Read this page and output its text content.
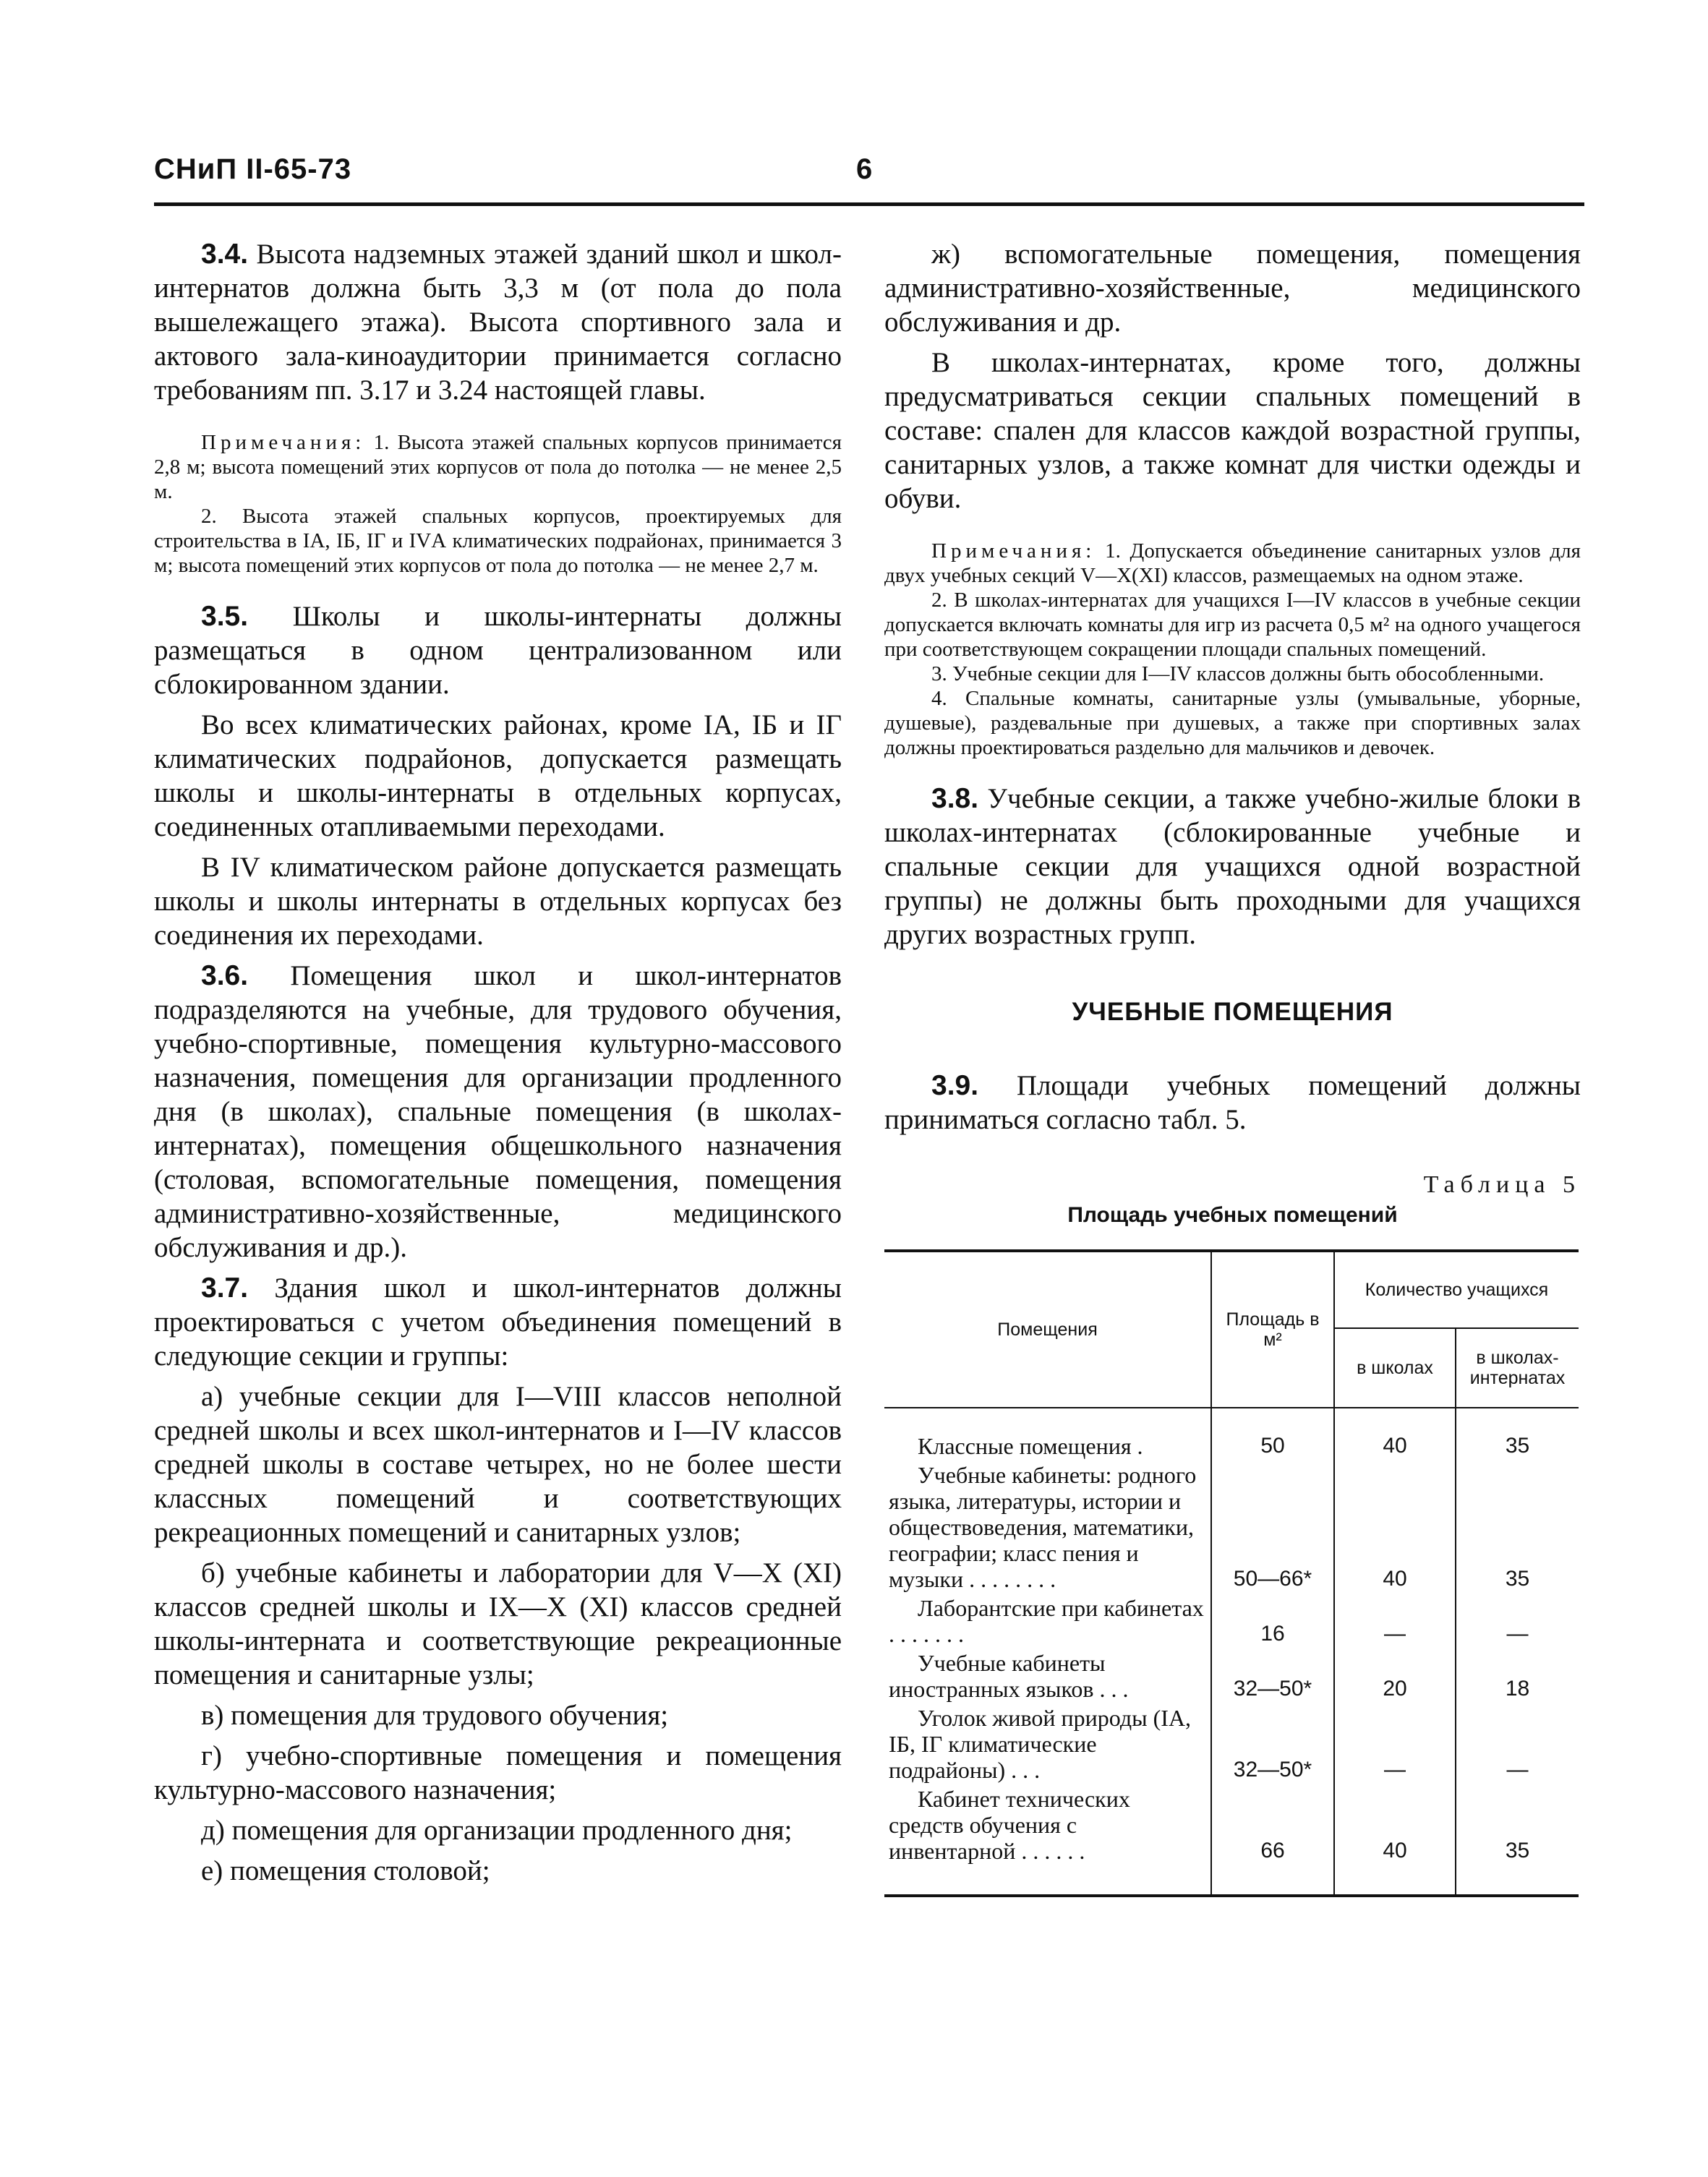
СНиП II-65-73	6

3.4. Высота надземных этажей зданий школ и школ-интернатов должна быть 3,3 м (от пола до пола вышележащего этажа). Высота спортивного зала и актового зала-киноаудитории принимается согласно требованиям пп. 3.17 и 3.24 настоящей главы.

Примечания: 1. Высота этажей спальных корпусов принимается 2,8 м; высота помещений этих корпусов от пола до потолка — не менее 2,5 м.

2. Высота этажей спальных корпусов, проектируемых для строительства в IА, IБ, IГ и IVА климатических подрайонах, принимается 3 м; высота помещений этих корпусов от пола до потолка — не менее 2,7 м.

3.5. Школы и школы-интернаты должны размещаться в одном централизованном или сблокированном здании.

Во всех климатических районах, кроме IА, IБ и IГ климатических подрайонов, допускается размещать школы и школы-интернаты в отдельных корпусах, соединенных отапливаемыми переходами.

В IV климатическом районе допускается размещать школы и школы интернаты в отдельных корпусах без соединения их переходами.

3.6. Помещения школ и школ-интернатов подразделяются на учебные, для трудового обучения, учебно-спортивные, помещения культурно-массового назначения, помещения для организации продленного дня (в школах), спальные помещения (в школах-интернатах), помещения общешкольного назначения (столовая, вспомогательные помещения, помещения административно-хозяйственные, медицинского обслуживания и др.).

3.7. Здания школ и школ-интернатов должны проектироваться с учетом объединения помещений в следующие секции и группы:

а) учебные секции для I—VIII классов неполной средней школы и всех школ-интернатов и I—IV классов средней школы в составе четырех, но не более шести классных помещений и соответствующих рекреационных помещений и санитарных узлов;

б) учебные кабинеты и лаборатории для V—X (XI) классов средней школы и IX—X (XI) классов средней школы-интерната и соответствующие рекреационные помещения и санитарные узлы;

в) помещения для трудового обучения;

г) учебно-спортивные помещения и помещения культурно-массового назначения;

д) помещения для организации продленного дня;

е) помещения столовой;

ж) вспомогательные помещения, помещения административно-хозяйственные, медицинского обслуживания и др.

В школах-интернатах, кроме того, должны предусматриваться секции спальных помещений в составе: спален для классов каждой возрастной группы, санитарных узлов, а также комнат для чистки одежды и обуви.

Примечания: 1. Допускается объединение санитарных узлов для двух учебных секций V—X(XI) классов, размещаемых на одном этаже.

2. В школах-интернатах для учащихся I—IV классов в учебные секции допускается включать комнаты для игр из расчета 0,5 м² на одного учащегося при соответствующем сокращении площади спальных помещений.

3. Учебные секции для I—IV классов должны быть обособленными.

4. Спальные комнаты, санитарные узлы (умывальные, уборные, душевые), раздевальные при душевых, а также при спортивных залах должны проектироваться раздельно для мальчиков и девочек.

3.8. Учебные секции, а также учебно-жилые блоки в школах-интернатах (сблокированные учебные и спальные секции для учащихся одной возрастной группы) не должны быть проходными для учащихся других возрастных групп.

УЧЕБНЫЕ ПОМЕЩЕНИЯ

3.9. Площади учебных помещений должны приниматься согласно табл. 5.

Таблица 5
Площадь учебных помещений
Помещения	Площадь в м²	Количество учащихся	
		в школах	в школах-интернатах

Классные помещения .	50	40	35

Учебные кабинеты: родного языка, литературы, истории и обществоведения, математики, географии; класс пения и музыки . . . . . . . .	50—66*	40	35

Лаборантские при кабинетах . . . . . . .	16	—	—

Учебные кабинеты иностранных языков . . .	32—50*	20	18

Уголок живой природы (IА, IБ, IГ климатические подрайоны) . . .	32—50*	—	—

Кабинет технических средств обучения с инвентарной . . . . . .	66	40	35
